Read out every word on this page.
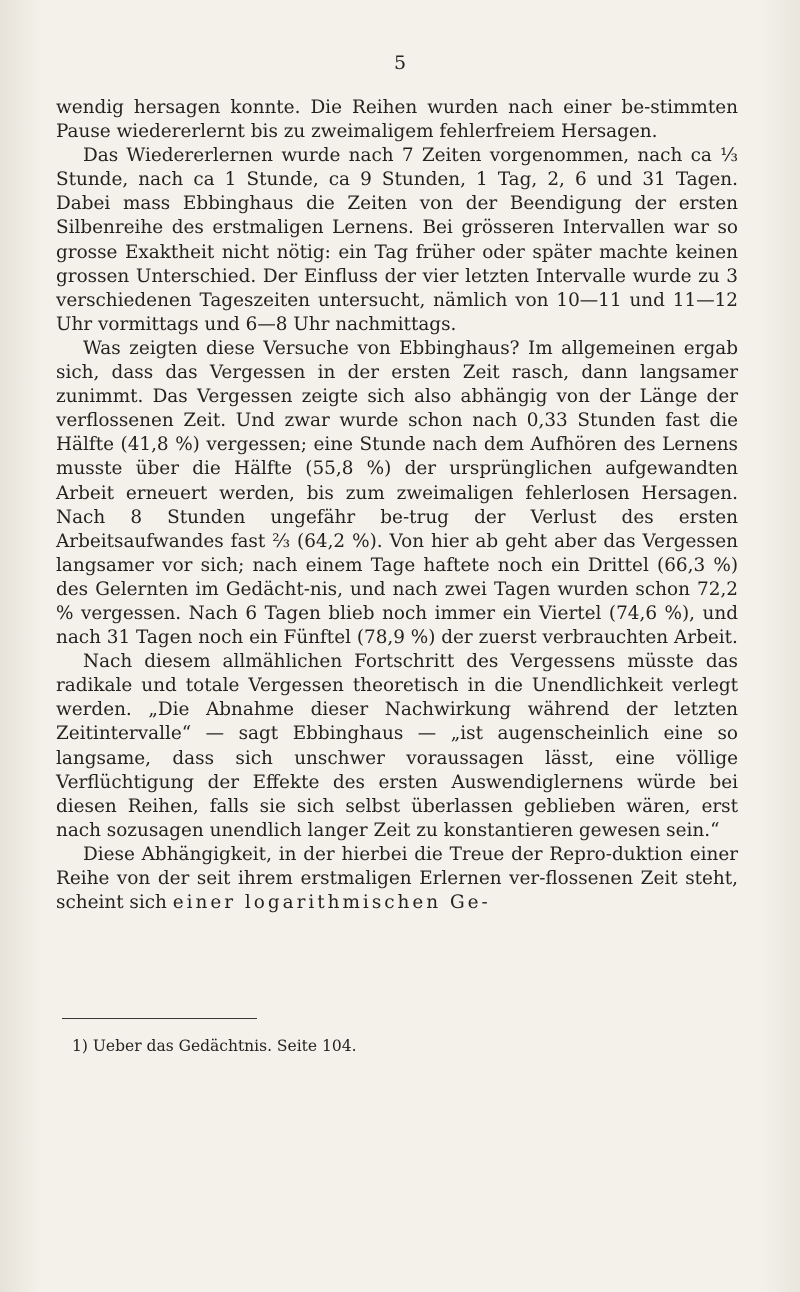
5

wendig hersagen konnte. Die Reihen wurden nach einer be-stimmten Pause wiedererlernt bis zu zweimaligem fehlerfreiem Hersagen.

Das Wiedererlernen wurde nach 7 Zeiten vorgenommen, nach ca ⅓ Stunde, nach ca 1 Stunde, ca 9 Stunden, 1 Tag, 2, 6 und 31 Tagen. Dabei mass Ebbinghaus die Zeiten von der Beendigung der ersten Silbenreihe des erstmaligen Lernens. Bei grösseren Intervallen war so grosse Exaktheit nicht nötig: ein Tag früher oder später machte keinen grossen Unterschied. Der Einfluss der vier letzten Intervalle wurde zu 3 verschiedenen Tageszeiten untersucht, nämlich von 10—11 und 11—12 Uhr vormittags und 6—8 Uhr nachmittags.

Was zeigten diese Versuche von Ebbinghaus? Im allgemeinen ergab sich, dass das Vergessen in der ersten Zeit rasch, dann langsamer zunimmt. Das Vergessen zeigte sich also abhängig von der Länge der verflossenen Zeit. Und zwar wurde schon nach 0,33 Stunden fast die Hälfte (41,8 %) vergessen; eine Stunde nach dem Aufhören des Lernens musste über die Hälfte (55,8 %) der ursprünglichen aufgewandten Arbeit erneuert werden, bis zum zweimaligen fehlerlosen Hersagen. Nach 8 Stunden ungefähr be-trug der Verlust des ersten Arbeitsaufwandes fast ⅔ (64,2 %). Von hier ab geht aber das Vergessen langsamer vor sich; nach einem Tage haftete noch ein Drittel (66,3 %) des Gelernten im Gedächt-nis, und nach zwei Tagen wurden schon 72,2 % vergessen. Nach 6 Tagen blieb noch immer ein Viertel (74,6 %), und nach 31 Tagen noch ein Fünftel (78,9 %) der zuerst verbrauchten Arbeit.

Nach diesem allmählichen Fortschritt des Vergessens müsste das radikale und totale Vergessen theoretisch in die Unendlichkeit verlegt werden. „Die Abnahme dieser Nachwirkung während der letzten Zeitintervalle“ — sagt Ebbinghaus — „ist augenscheinlich eine so langsame, dass sich unschwer voraussagen lässt, eine völlige Verflüchtigung der Effekte des ersten Auswendiglernens würde bei diesen Reihen, falls sie sich selbst überlassen geblieben wären, erst nach sozusagen unendlich langer Zeit zu konstantieren gewesen sein.“

Diese Abhängigkeit, in der hierbei die Treue der Repro-duktion einer Reihe von der seit ihrem erstmaligen Erlernen ver-flossenen Zeit steht, scheint sich einer logarithmischen Ge-

1) Ueber das Gedächtnis. Seite 104.
